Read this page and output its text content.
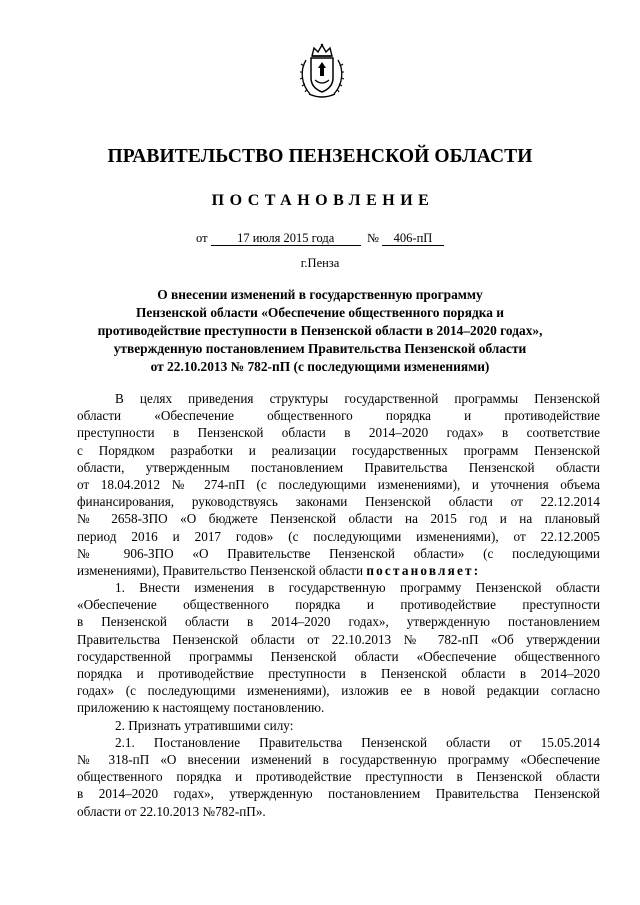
ПРАВИТЕЛЬСТВО ПЕНЗЕНСКОЙ ОБЛАСТИ
ПОСТАНОВЛЕНИЕ
от 17 июля 2015 года	№ 406-пП
г.Пенза
О внесении изменений в государственную программу
Пензенской области «Обеспечение общественного порядка и
противодействие преступности в Пензенской области в 2014–2020 годах»,
утвержденную постановлением Правительства Пензенской области
от 22.10.2013 № 782-пП (с последующими изменениями)
В целях приведения структуры государственной программы Пензенской
области «Обеспечение общественного порядка и противодействие
преступности в Пензенской области в 2014–2020 годах» в соответствие
с Порядком разработки и реализации государственных программ Пензенской
области, утвержденным постановлением Правительства Пензенской области
от 18.04.2012 № 274-пП (с последующими изменениями), и уточнения объема
финансирования, руководствуясь законами Пензенской области от 22.12.2014
№ 2658-ЗПО «О бюджете Пензенской области на 2015 год и на плановый
период 2016 и 2017 годов» (с последующими изменениями), от 22.12.2005
№ 906-ЗПО «О Правительстве Пензенской области» (с последующими
изменениями), Правительство Пензенской области постановляет:
1. Внести изменения в государственную программу Пензенской области
«Обеспечение общественного порядка и противодействие преступности
в Пензенской области в 2014–2020 годах», утвержденную постановлением
Правительства Пензенской области от 22.10.2013 № 782-пП «Об утверждении
государственной программы Пензенской области «Обеспечение общественного
порядка и противодействие преступности в Пензенской области в 2014–2020
годах» (с последующими изменениями), изложив ее в новой редакции согласно
приложению к настоящему постановлению.
2. Признать утратившими силу:
2.1. Постановление Правительства Пензенской области от 15.05.2014
№ 318-пП «О внесении изменений в государственную программу «Обеспечение
общественного порядка и противодействие преступности в Пензенской области
в 2014–2020 годах», утвержденную постановлением Правительства Пензенской
области от 22.10.2013 №782-пП».
